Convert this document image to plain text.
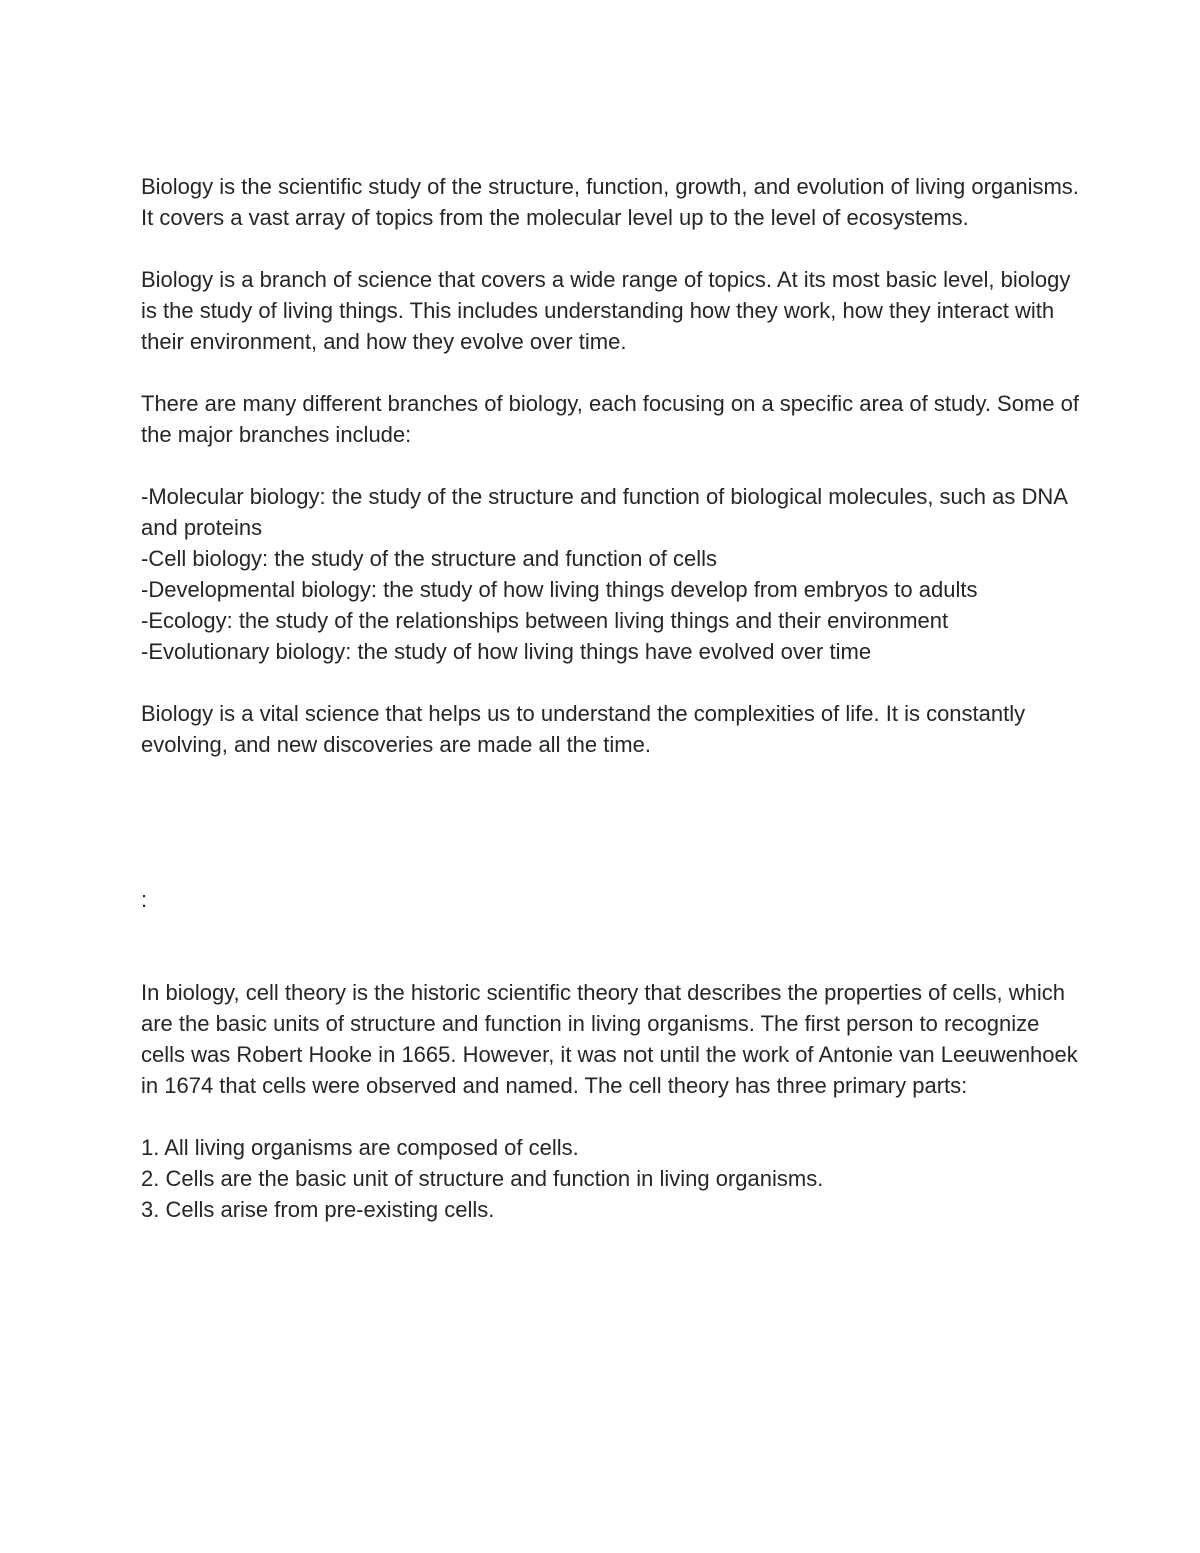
Biology is the scientific study of the structure, function, growth, and evolution of living organisms. It covers a vast array of topics from the molecular level up to the level of ecosystems.

Biology is a branch of science that covers a wide range of topics. At its most basic level, biology is the study of living things. This includes understanding how they work, how they interact with their environment, and how they evolve over time.

There are many different branches of biology, each focusing on a specific area of study. Some of the major branches include:

-Molecular biology: the study of the structure and function of biological molecules, such as DNA and proteins

-Cell biology: the study of the structure and function of cells

-Developmental biology: the study of how living things develop from embryos to adults

-Ecology: the study of the relationships between living things and their environment

-Evolutionary biology: the study of how living things have evolved over time

Biology is a vital science that helps us to understand the complexities of life. It is constantly evolving, and new discoveries are made all the time.

:

In biology, cell theory is the historic scientific theory that describes the properties of cells, which are the basic units of structure and function in living organisms. The first person to recognize cells was Robert Hooke in 1665. However, it was not until the work of Antonie van Leeuwenhoek in 1674 that cells were observed and named. The cell theory has three primary parts:

1. All living organisms are composed of cells.

2. Cells are the basic unit of structure and function in living organisms.

3. Cells arise from pre-existing cells.
